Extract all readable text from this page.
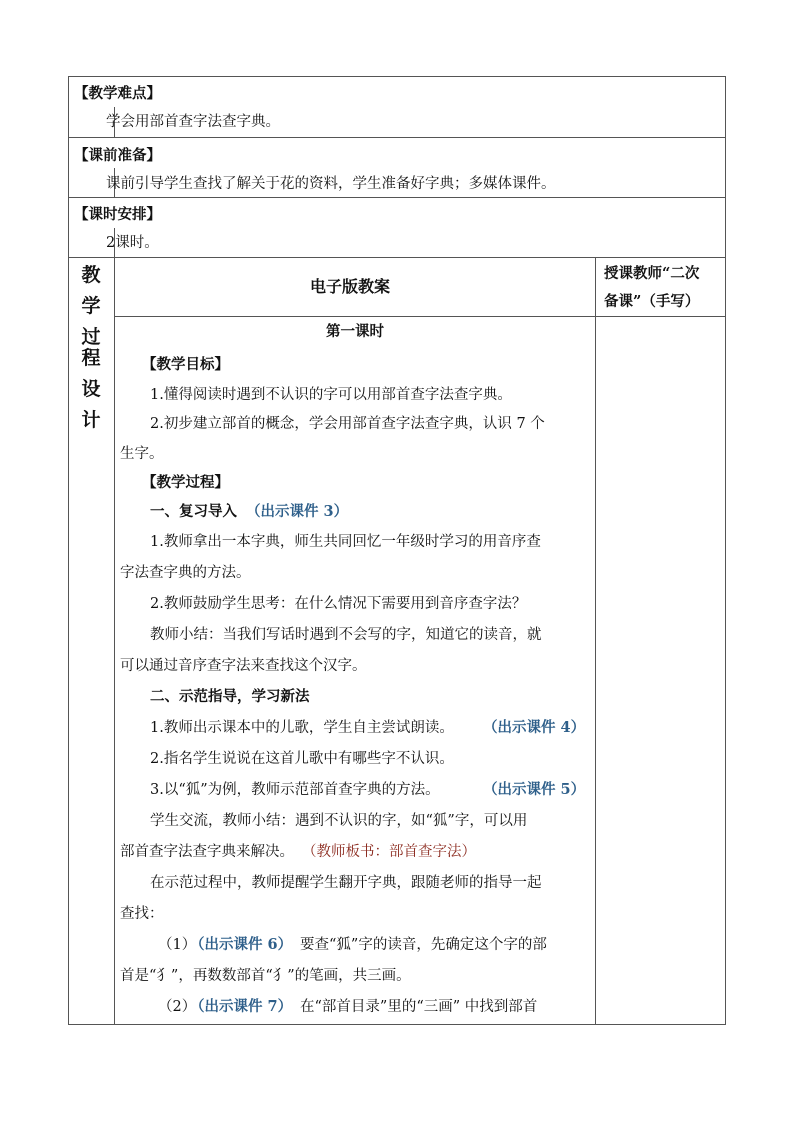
【教学难点】
学会用部首查字法查字典。
【课前准备】
课前引导学生查找了解关于花的资料，学生准备好字典；多媒体课件。
【课时安排】
2课时。
教
学
过
程
设
计
电子版教案
授课教师“二次
备课”（手写）
第一课时
【教学目标】
1.懂得阅读时遇到不认识的字可以用部首查字法查字典。
2.初步建立部首的概念，学会用部首查字法查字典，认识 7 个
生字。
【教学过程】
一、复习导入 （出示课件 3）
1.教师拿出一本字典，师生共同回忆一年级时学习的用音序查
字法查字典的方法。
2.教师鼓励学生思考：在什么情况下需要用到音序查字法？
教师小结：当我们写话时遇到不会写的字，知道它的读音，就
可以通过音序查字法来查找这个汉字。
二、示范指导，学习新法
1.教师出示课本中的儿歌，学生自主尝试朗读。 （出示课件 4）
2.指名学生说说在这首儿歌中有哪些字不认识。
3.以“狐”为例，教师示范部首查字典的方法。	（出示课件 5）
学生交流，教师小结：遇到不认识的字，如“狐”字，可以用
部首查字法查字典来解决。 （教师板书：部首查字法）
在示范过程中，教师提醒学生翻开字典，跟随老师的指导一起
查找：
（1）
（出示课件 6） 要查“狐”字的读音，先确定这个字的部
首是“犭”，再数数部首“犭”的笔画，共三画。
（2）
（出示课件 7） 在“部首目录”里的“三画” 中找到部首
